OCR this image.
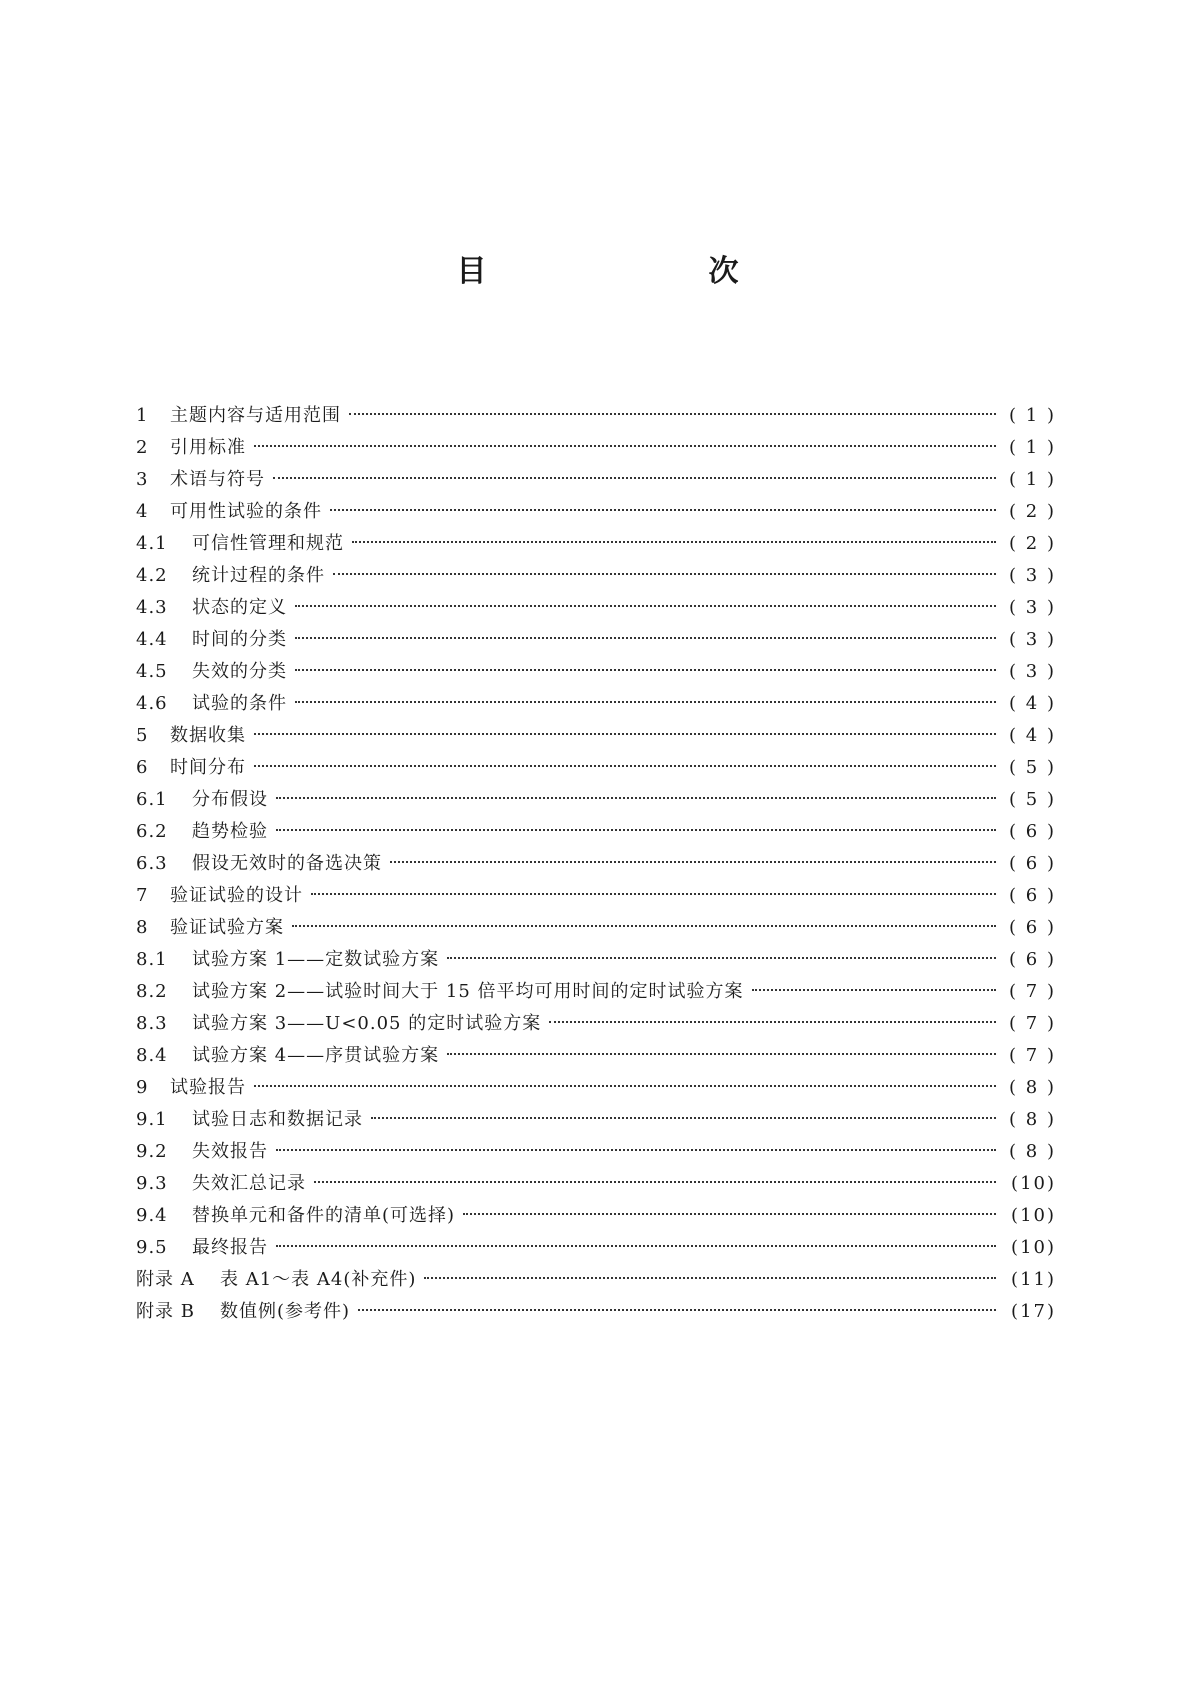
目　次
1	主题内容与适用范围	( 1 )
2	引用标准	( 1 )
3	术语与符号	( 1 )
4	可用性试验的条件	( 2 )
4.1	可信性管理和规范	( 2 )
4.2	统计过程的条件	( 3 )
4.3	状态的定义	( 3 )
4.4	时间的分类	( 3 )
4.5	失效的分类	( 3 )
4.6	试验的条件	( 4 )
5	数据收集	( 4 )
6	时间分布	( 5 )
6.1	分布假设	( 5 )
6.2	趋势检验	( 6 )
6.3	假设无效时的备选决策	( 6 )
7	验证试验的设计	( 6 )
8	验证试验方案	( 6 )
8.1	试验方案 1——定数试验方案	( 6 )
8.2	试验方案 2——试验时间大于 15 倍平均可用时间的定时试验方案	( 7 )
8.3	试验方案 3——U<0.05 的定时试验方案	( 7 )
8.4	试验方案 4——序贯试验方案	( 7 )
9	试验报告	( 8 )
9.1	试验日志和数据记录	( 8 )
9.2	失效报告	( 8 )
9.3	失效汇总记录	(10)
9.4	替换单元和备件的清单(可选择)	(10)
9.5	最终报告	(10)
附录 A	表 A1～表 A4(补充件)	(11)
附录 B	数值例(参考件)	(17)
